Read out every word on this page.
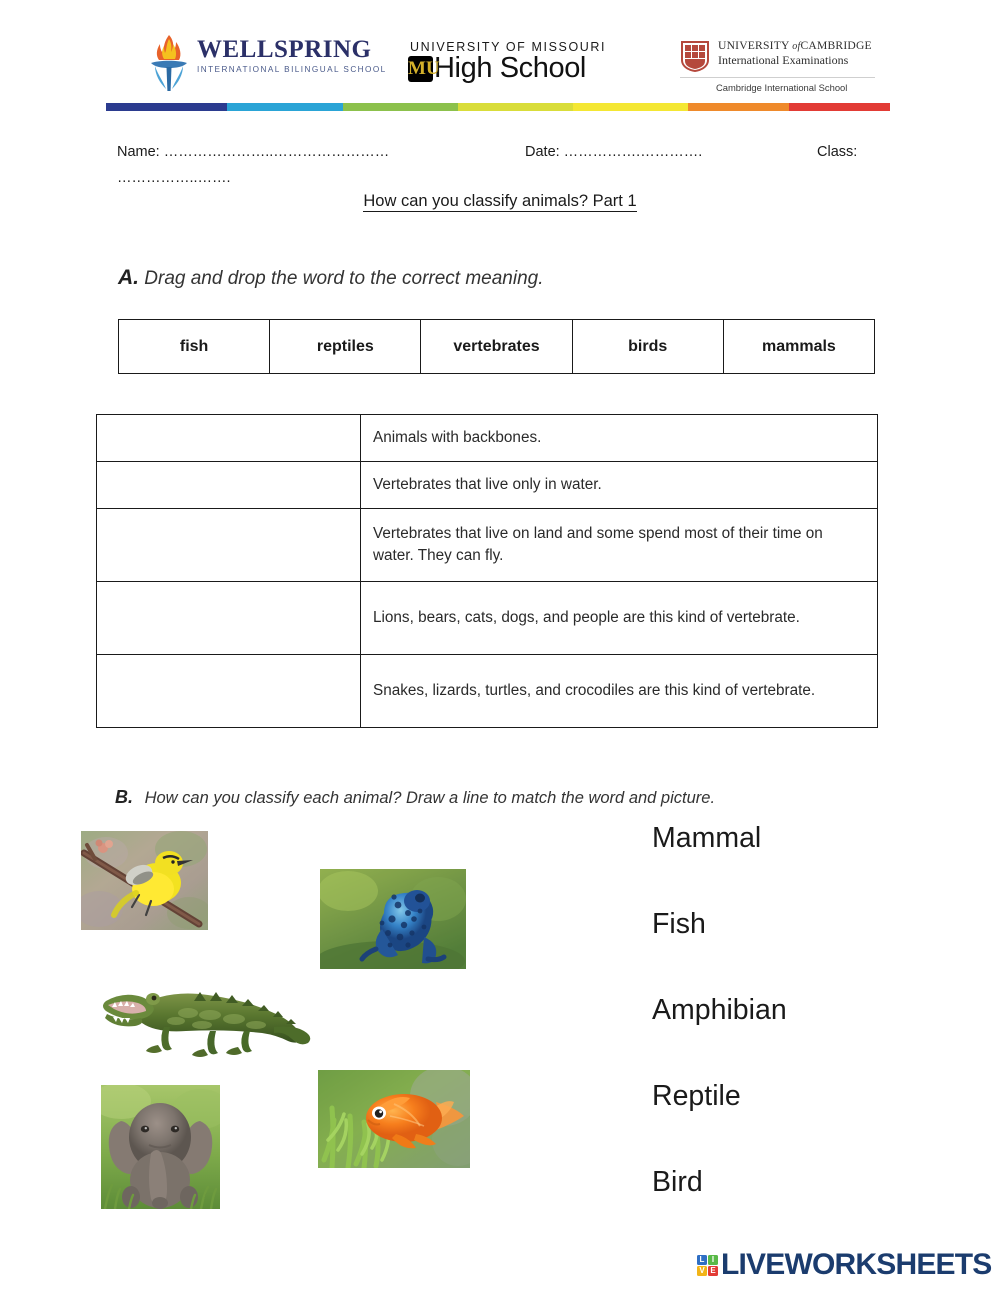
WELLSPRING
INTERNATIONAL BILINGUAL SCHOOL
UNIVERSITY OF MISSOURI
MU
High School
UNIVERSITY ofCAMBRIDGE
International Examinations
Cambridge International School
Name: …………………..……………………	Date: …………….………….	Class:
……………..…….
How can you classify animals? Part 1
A. Drag and drop the word to the correct meaning.
fish	reptiles	vertebrates	birds	mammals
	Animals with backbones.
	Vertebrates that live only in water.
	Vertebrates that live on land and some spend most of their time on water. They can fly.
	Lions, bears, cats, dogs, and people are this kind of vertebrate.
	Snakes, lizards, turtles, and crocodiles are this kind of vertebrate.
B. How can you classify each animal? Draw a line to match the word and picture.
Mammal
Fish
Amphibian
Reptile
Bird
L I
V E LIVEWORKSHEETS
